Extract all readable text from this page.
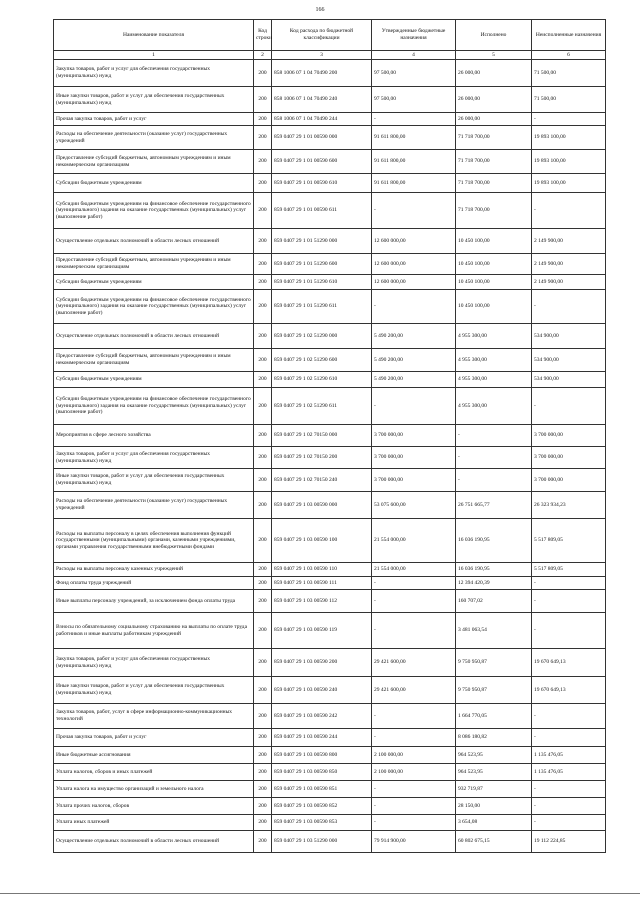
166
Наименование показателя	Код строки	Код расхода по бюджетной классификации	Утвержденные бюджетные назначения	Исполнено	Неисполненные назначения
1	2	3	4	5	6
Закупка товаров, работ и услуг для обеспечения государственных (муниципальных) нужд	200	858 1006 07 1 04 70490 200	97 500,00	26 000,00	71 500,00
Иные закупки товаров, работ и услуг для обеспечения государственных (муниципальных) нужд	200	858 1006 07 1 04 70490 240	97 500,00	26 000,00	71 500,00
Прочая закупка товаров, работ и услуг	200	858 1006 07 1 04 70490 244	-	26 000,00	-
Расходы на обеспечение деятельности (оказание услуг) государственных учреждений	200	859 0407 29 1 01 00590 000	91 611 800,00	71 718 700,00	19 893 100,00
Предоставление субсидий бюджетным, автономным учреждениям и иным некоммерческим организациям	200	859 0407 29 1 01 00590 600	91 611 800,00	71 718 700,00	19 893 100,00
Субсидии бюджетным учреждениям	200	859 0407 29 1 01 00590 610	91 611 800,00	71 718 700,00	19 893 100,00
Субсидии бюджетным учреждениям на финансовое обеспечение государственного (муниципального) задания на оказание государственных (муниципальных) услуг (выполнение работ)	200	859 0407 29 1 01 00590 611	-	71 718 700,00	-
Осуществление отдельных полномочий в области лесных отношений	200	859 0407 29 1 01 51290 000	12 600 000,00	10 450 100,00	2 149 900,00
Предоставление субсидий бюджетным, автономным учреждениям и иным некоммерческим организациям	200	859 0407 29 1 01 51290 600	12 600 000,00	10 450 100,00	2 149 900,00
Субсидии бюджетным учреждениям	200	859 0407 29 1 01 51290 610	12 600 000,00	10 450 100,00	2 149 900,00
Субсидии бюджетным учреждениям на финансовое обеспечение государственного (муниципального) задания на оказание государственных (муниципальных) услуг (выполнение работ)	200	859 0407 29 1 01 51290 611	-	10 450 100,00	-
Осуществление отдельных полномочий в области лесных отношений	200	859 0407 29 1 02 51290 000	5 490 200,00	4 955 300,00	534 900,00
Предоставление субсидий бюджетным, автономным учреждениям и иным некоммерческим организациям	200	859 0407 29 1 02 51290 600	5 490 200,00	4 955 300,00	534 900,00
Субсидии бюджетным учреждениям	200	859 0407 29 1 02 51290 610	5 490 200,00	4 955 300,00	534 900,00
Субсидии бюджетным учреждениям на финансовое обеспечение государственного (муниципального) задания на оказание государственных (муниципальных) услуг (выполнение работ)	200	859 0407 29 1 02 51290 611	-	4 955 300,00	-
Мероприятия в сфере лесного хозяйства	200	859 0407 29 1 02 70150 000	3 700 000,00	-	3 700 000,00
Закупка товаров, работ и услуг для обеспечения государственных (муниципальных) нужд	200	859 0407 29 1 02 70150 200	3 700 000,00	-	3 700 000,00
Иные закупки товаров, работ и услуг для обеспечения государственных (муниципальных) нужд	200	859 0407 29 1 02 70150 240	3 700 000,00	-	3 700 000,00
Расходы на обеспечение деятельности (оказание услуг) государственных учреждений	200	859 0407 29 1 03 00590 000	53 075 600,00	26 751 665,77	26 323 934,23
Расходы на выплаты персоналу в целях обеспечения выполнения функций государственными (муниципальными) органами, казенными учреждениями, органами управления государственными внебюджетными фондами	200	859 0407 29 1 03 00590 100	21 554 000,00	16 036 190,95	5 517 809,05
Расходы на выплаты персоналу казенных учреждений	200	859 0407 29 1 03 00590 110	21 554 000,00	16 036 190,95	5 517 809,05
Фонд оплаты труда учреждений	200	859 0407 29 1 03 00590 111	-	12 394 420,39	-
Иные выплаты персоналу учреждений, за исключением фонда оплаты труда	200	859 0407 29 1 03 00590 112	-	160 707,02	-
Взносы по обязательному социальному страхованию на выплаты по оплате труда работников и иные выплаты работникам учреждений	200	859 0407 29 1 03 00590 119	-	3 481 063,54	-
Закупка товаров, работ и услуг для обеспечения государственных (муниципальных) нужд	200	859 0407 29 1 03 00590 200	29 421 600,00	9 750 950,87	19 670 649,13
Иные закупки товаров, работ и услуг для обеспечения государственных (муниципальных) нужд	200	859 0407 29 1 03 00590 240	29 421 600,00	9 750 950,87	19 670 649,13
Закупка товаров, работ, услуг в сфере информационно-коммуникационных технологий	200	859 0407 29 1 03 00590 242	-	1 664 770,05	-
Прочая закупка товаров, работ и услуг	200	859 0407 29 1 03 00590 244	-	8 086 180,82	-
Иные бюджетные ассигнования	200	859 0407 29 1 03 00590 800	2 100 000,00	964 523,95	1 135 476,05
Уплата налогов, сборов и иных платежей	200	859 0407 29 1 03 00590 850	2 100 000,00	964 523,95	1 135 476,05
Уплата налога на имущество организаций и земельного налога	200	859 0407 29 1 03 00590 851	-	932 719,87	-
Уплата прочих налогов, сборов	200	859 0407 29 1 03 00590 852	-	28 150,00	-
Уплата иных платежей	200	859 0407 29 1 03 00590 853	-	3 654,08	-
Осуществление отдельных полномочий в области лесных отношений	200	859 0407 29 1 03 51290 000	79 914 900,00	60 802 675,15	19 112 224,85
